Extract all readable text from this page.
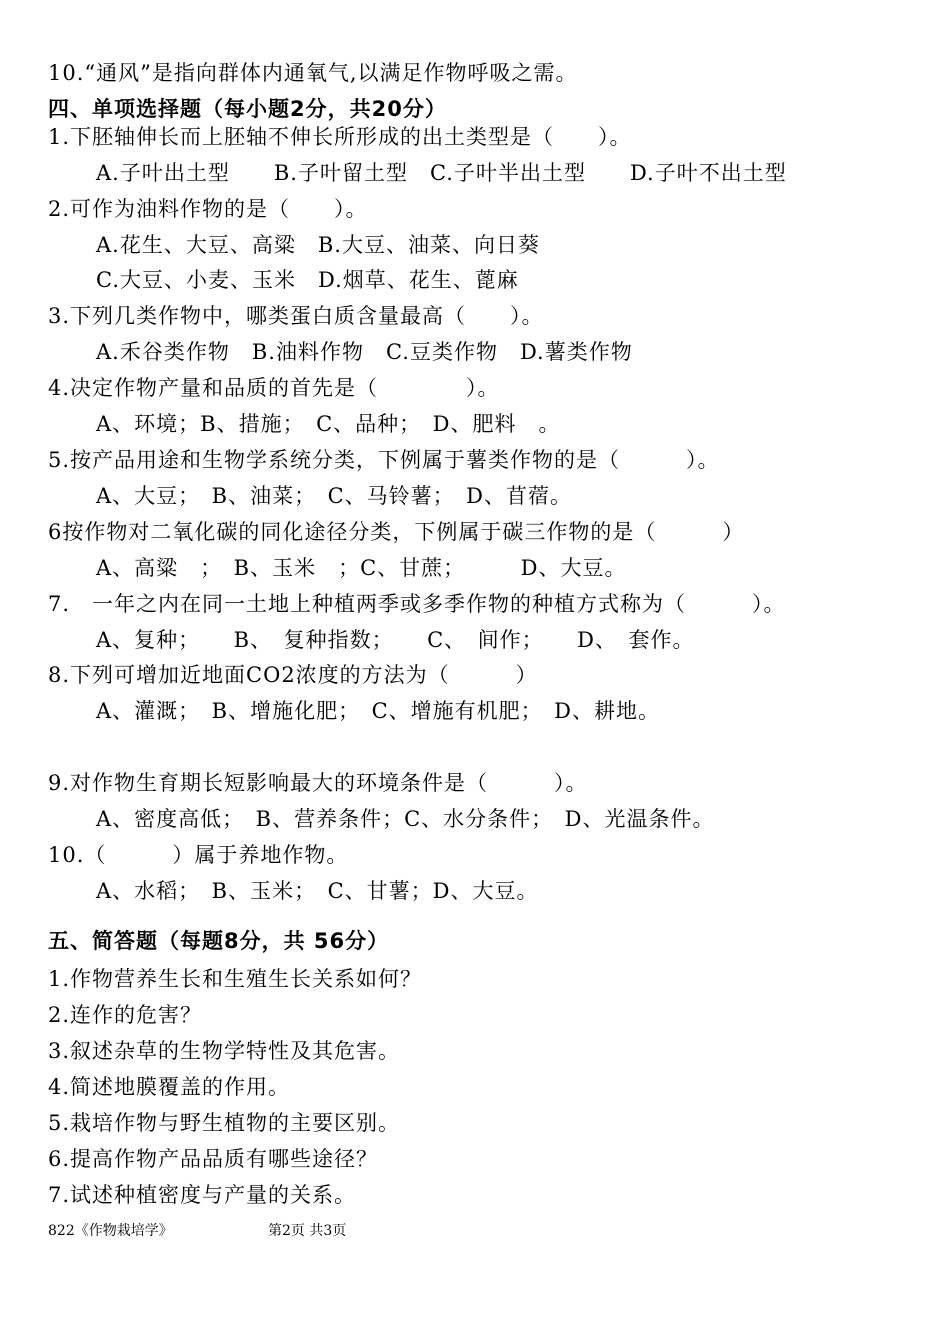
10.“通风”是指向群体内通氧气,以满足作物呼吸之需。
四、单项选择题（每小题2分，共20分）
1.下胚轴伸长而上胚轴不伸长所形成的出土类型是（　　）。
A.子叶出土型　　B.子叶留土型　C.子叶半出土型　　D.子叶不出土型
2.可作为油料作物的是（　　）。
A.花生、大豆、高粱　B.大豆、油菜、向日葵
C.大豆、小麦、玉米　D.烟草、花生、蓖麻
3.下列几类作物中，哪类蛋白质含量最高（　　）。
A.禾谷类作物　B.油料作物　C.豆类作物　D.薯类作物
4.决定作物产量和品质的首先是（　　　　）。
A、环境；B、措施；　C、品种；　D、肥料　。
5.按产品用途和生物学系统分类，下例属于薯类作物的是（　　　）。
A、大豆；　B、油菜；　C、马铃薯；　D、苜蓿。
6按作物对二氧化碳的同化途径分类，下例属于碳三作物的是（　　　）
A、高粱　；　B、玉米　；C、甘蔗；　　　D、大豆。
7.　一年之内在同一土地上种植两季或多季作物的种植方式称为（　　　）。
A、复种；　　B、　复种指数；　　C、　间作；　　D、　套作。
8.下列可增加近地面CO2浓度的方法为（　　　）
A、灌溉；　B、增施化肥；　C、增施有机肥；　D、耕地。
9.对作物生育期长短影响最大的环境条件是（　　　）。
A、密度高低；　B、营养条件；C、水分条件；　D、光温条件。
10.（　　　）属于养地作物。
A、水稻；　B、玉米；　C、甘薯；D、大豆。
五、简答题（每题8分，共 56分）
1.作物营养生长和生殖生长关系如何？
2.连作的危害？
3.叙述杂草的生物学特性及其危害。
4.简述地膜覆盖的作用。
5.栽培作物与野生植物的主要区别。
6.提高作物产品品质有哪些途径？
7.试述种植密度与产量的关系。
822《作物栽培学》	第2页 共3页
